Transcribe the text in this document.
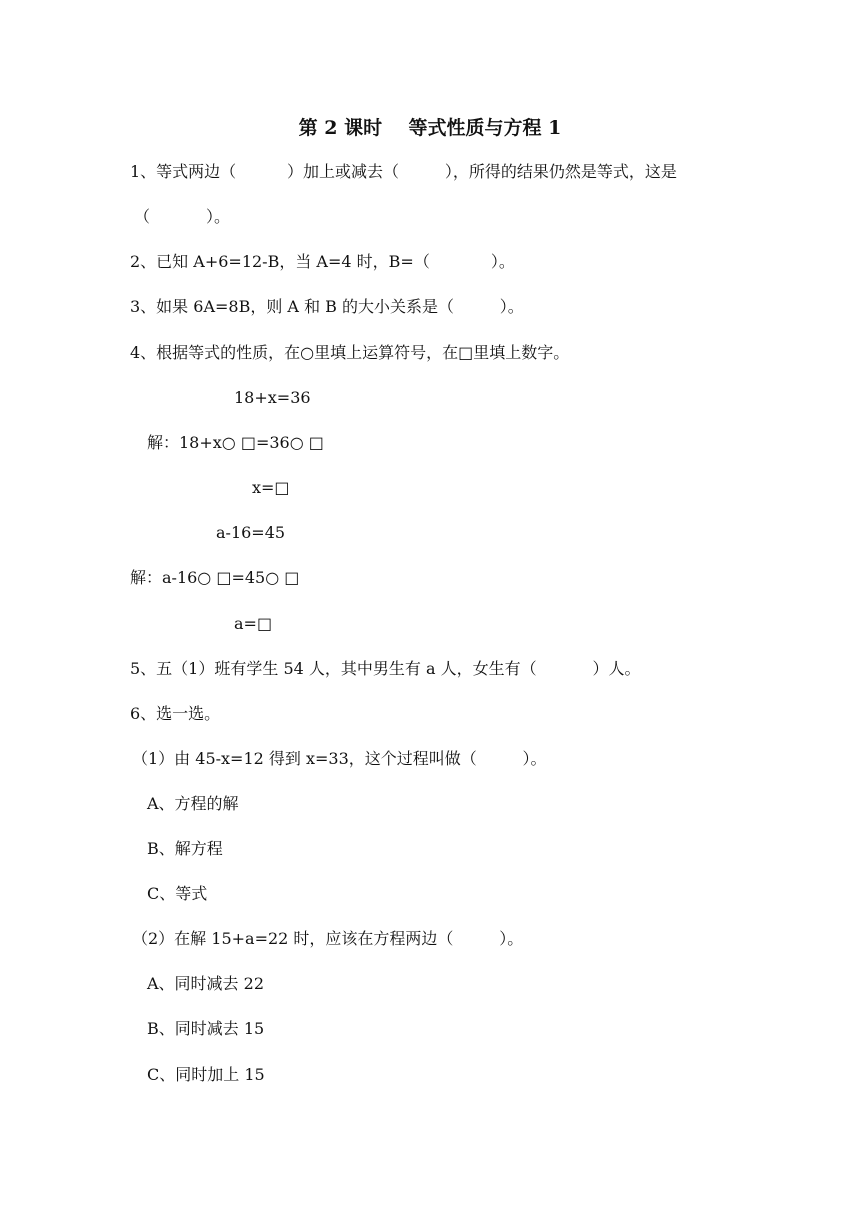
第 2 课时    等式性质与方程 1
1、等式两边（          ）加上或减去（         ），所得的结果仍然是等式，这是
（           ）。
2、已知 A+6=12-B，当 A=4 时，B=（            ）。
3、如果 6A=8B，则 A 和 B 的大小关系是（         ）。
4、根据等式的性质，在○里填上运算符号，在□里填上数字。
18+x=36
解：18+x○ □=36○ □
x=□
a-16=45
解：a-16○ □=45○ □
a=□
5、五（1）班有学生 54 人，其中男生有 a 人，女生有（           ）人。
6、选一选。
（1）由 45-x=12 得到 x=33，这个过程叫做（         ）。
A、方程的解
B、解方程
C、等式
（2）在解 15+a=22 时，应该在方程两边（         ）。
A、同时减去 22
B、同时减去 15
C、同时加上 15
